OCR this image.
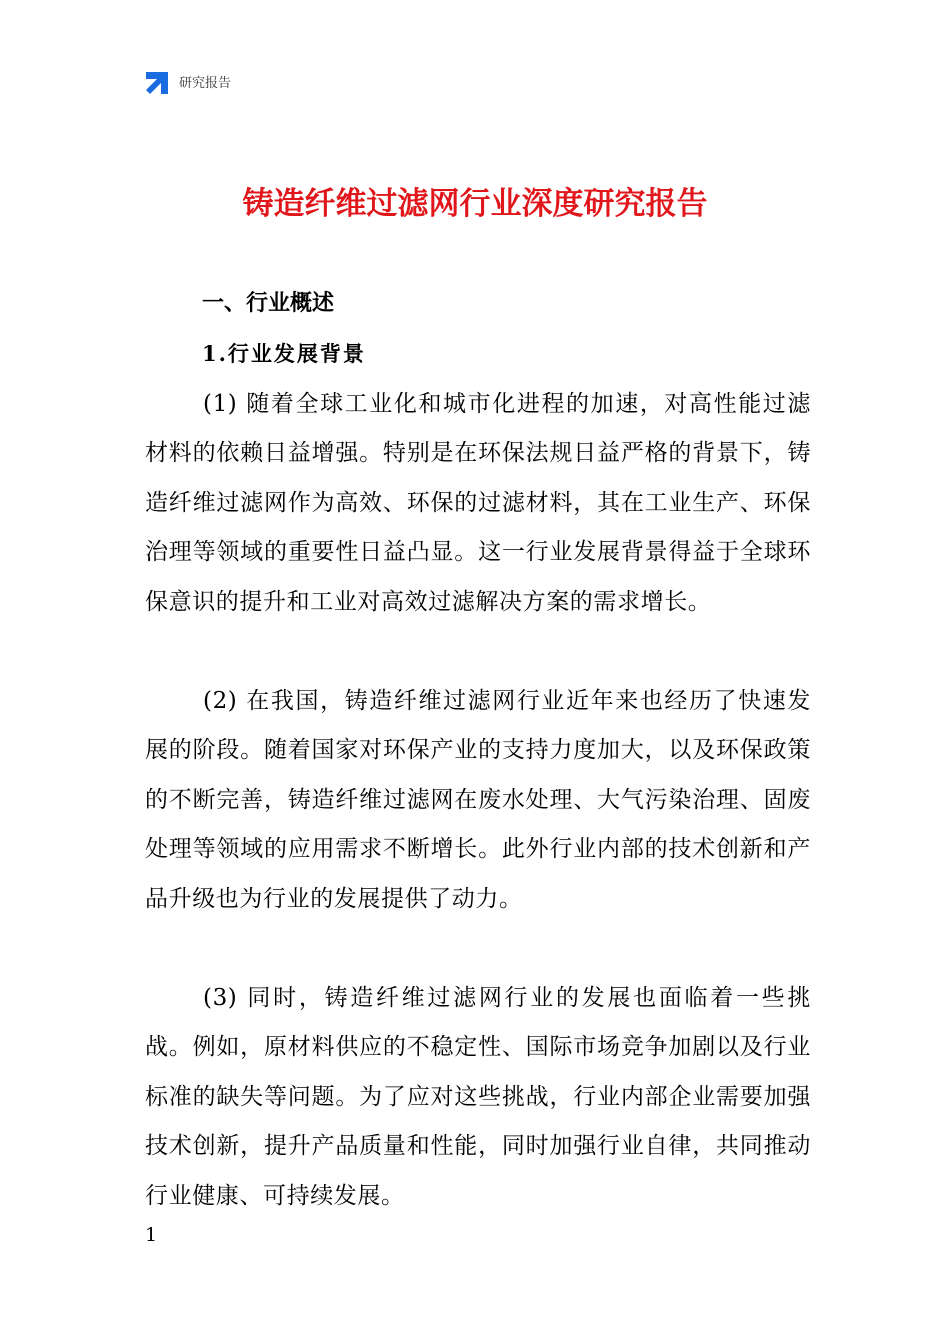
研究报告
铸造纤维过滤网行业深度研究报告
一、行业概述
1.行业发展背景

(1) 随着全球工业化和城市化进程的加速，对高性能过滤材料的依赖日益增强。特别是在环保法规日益严格的背景下，铸造纤维过滤网作为高效、环保的过滤材料，其在工业生产、环保治理等领域的重要性日益凸显。这一行业发展背景得益于全球环保意识的提升和工业对高效过滤解决方案的需求增长。

(2) 在我国，铸造纤维过滤网行业近年来也经历了快速发展的阶段。随着国家对环保产业的支持力度加大，以及环保政策的不断完善，铸造纤维过滤网在废水处理、大气污染治理、固废处理等领域的应用需求不断增长。此外行业内部的技术创新和产品升级也为行业的发展提供了动力。

(3) 同时，铸造纤维过滤网行业的发展也面临着一些挑战。例如，原材料供应的不稳定性、国际市场竞争加剧以及行业标准的缺失等问题。为了应对这些挑战，行业内部企业需要加强技术创新，提升产品质量和性能，同时加强行业自律，共同推动行业健康、可持续发展。

1
